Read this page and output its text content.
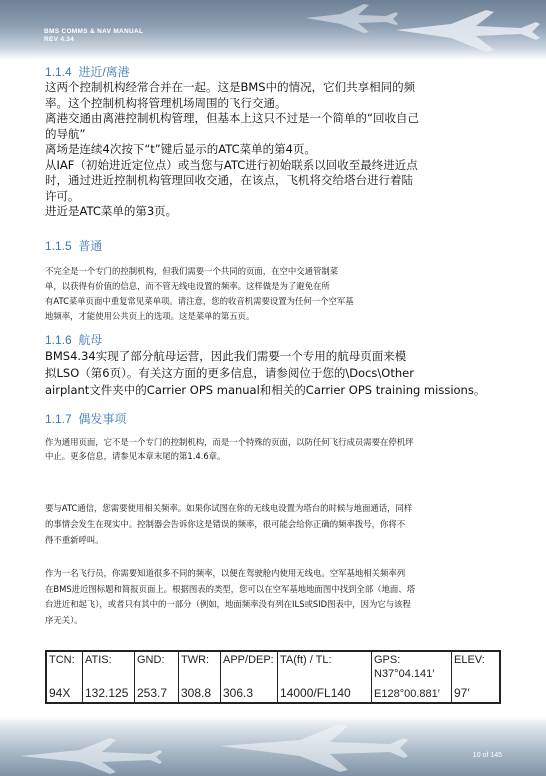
BMS COMMS & NAV MANUAL
REV 4.34
1.1.4 进近/离港

这两个控制机构经常合并在一起。这是BMS中的情况，它们共享相同的频

率。这个控制机构将管理机场周围的飞行交通。

离港交通由离港控制机构管理，但基本上这只不过是一个简单的“回收自己

的导航”

离场是连续4次按下“t”键后显示的ATC菜单的第4页。

从IAF（初始进近定位点）或当您与ATC进行初始联系以回收至最终进近点

时，通过进近控制机构管理回收交通，在该点，飞机将交给塔台进行着陆

许可。

进近是ATC菜单的第3页。

1.1.5 普通

不完全是一个专门的控制机构，但我们需要一个共同的页面，在空中交通管制菜

单，以获得有价值的信息，而不管无线电设置的频率。这样做是为了避免在所

有ATC菜单页面中重复常见菜单项。请注意，您的收音机需要设置为任何一个空军基

地频率，才能使用公共页上的选项。这是菜单的第五页。

1.1.6 航母

BMS4.34实现了部分航母运营，因此我们需要一个专用的航母页面来模

拟LSO（第6页）。有关这方面的更多信息，请参阅位于您的\Docs\Other

airplant文件夹中的Carrier OPS manual和相关的Carrier OPS training missions。

1.1.7 偶发事项

作为通用页面，它不是一个专门的控制机构，而是一个特殊的页面，以防任何飞行成员需要在停机坪

中止。更多信息，请参见本章末尾的第1.4.6章。

要与ATC通信，您需要使用相关频率。如果你试图在你的无线电设置为塔台的时候与地面通话，同样

的事情会发生在现实中。控制器会告诉你这是错误的频率，很可能会给你正确的频率拨号，你将不

得不重新呼叫。

作为一名飞行员，你需要知道很多不同的频率，以便在驾驶舱内使用无线电。空军基地相关频率列

在BMS进近图标题和简报页面上。根据图表的类型，您可以在空军基地地面图中找到全部（地面、塔

台进近和起飞），或者只有其中的一部分（例如，地面频率没有列在ILS或SID图表中，因为它与该程

序无关）。

TCN:
94X
ATIS:
132.125
GND:
253.7
TWR:
308.8
APP/DEP:
306.3
TA(ft) / TL:
14000/FL140
GPS:
N37°04.141′
E128°00.881′
ELEV:
97′
10 of 145
